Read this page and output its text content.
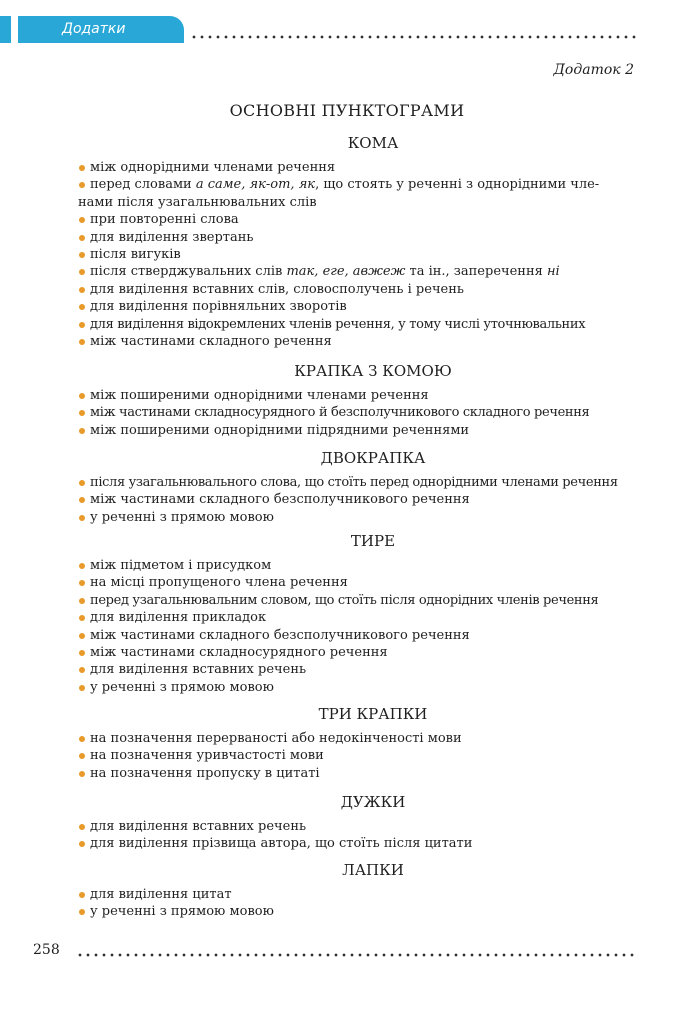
Додатки
Додаток 2
ОСНОВНІ ПУНКТОГРАМИ
КОМА
між однорідними членами речення
перед словами а саме, як-от, як, що стоять у реченні з однорідними чле-
нами після узагальнювальних слів
при повторенні слова
для виділення звертань
після вигуків
після стверджувальних слів так, еге, авжеж та ін., заперечення ні
для виділення вставних слів, словосполучень і речень
для виділення порівняльних зворотів
для виділення відокремлених членів речення, у тому числі уточнювальних
між частинами складного речення
КРАПКА З КОМОЮ
між поширеними однорідними членами речення
між частинами складносурядного й безсполучникового складного речення
між поширеними однорідними підрядними реченнями
ДВОКРАПКА
після узагальнювального слова, що стоїть перед однорідними членами речення
між частинами складного безсполучникового речення
у реченні з прямою мовою
ТИРЕ
між підметом і присудком
на місці пропущеного члена речення
перед узагальнювальним словом, що стоїть після однорідних членів речення
для виділення прикладок
між частинами складного безсполучникового речення
між частинами складносурядного речення
для виділення вставних речень
у реченні з прямою мовою
ТРИ КРАПКИ
на позначення перерваності або недокінченості мови
на позначення уривчастості мови
на позначення пропуску в цитаті
ДУЖКИ
для виділення вставних речень
для виділення прізвища автора, що стоїть після цитати
ЛАПКИ
для виділення цитат
у реченні з прямою мовою
258
